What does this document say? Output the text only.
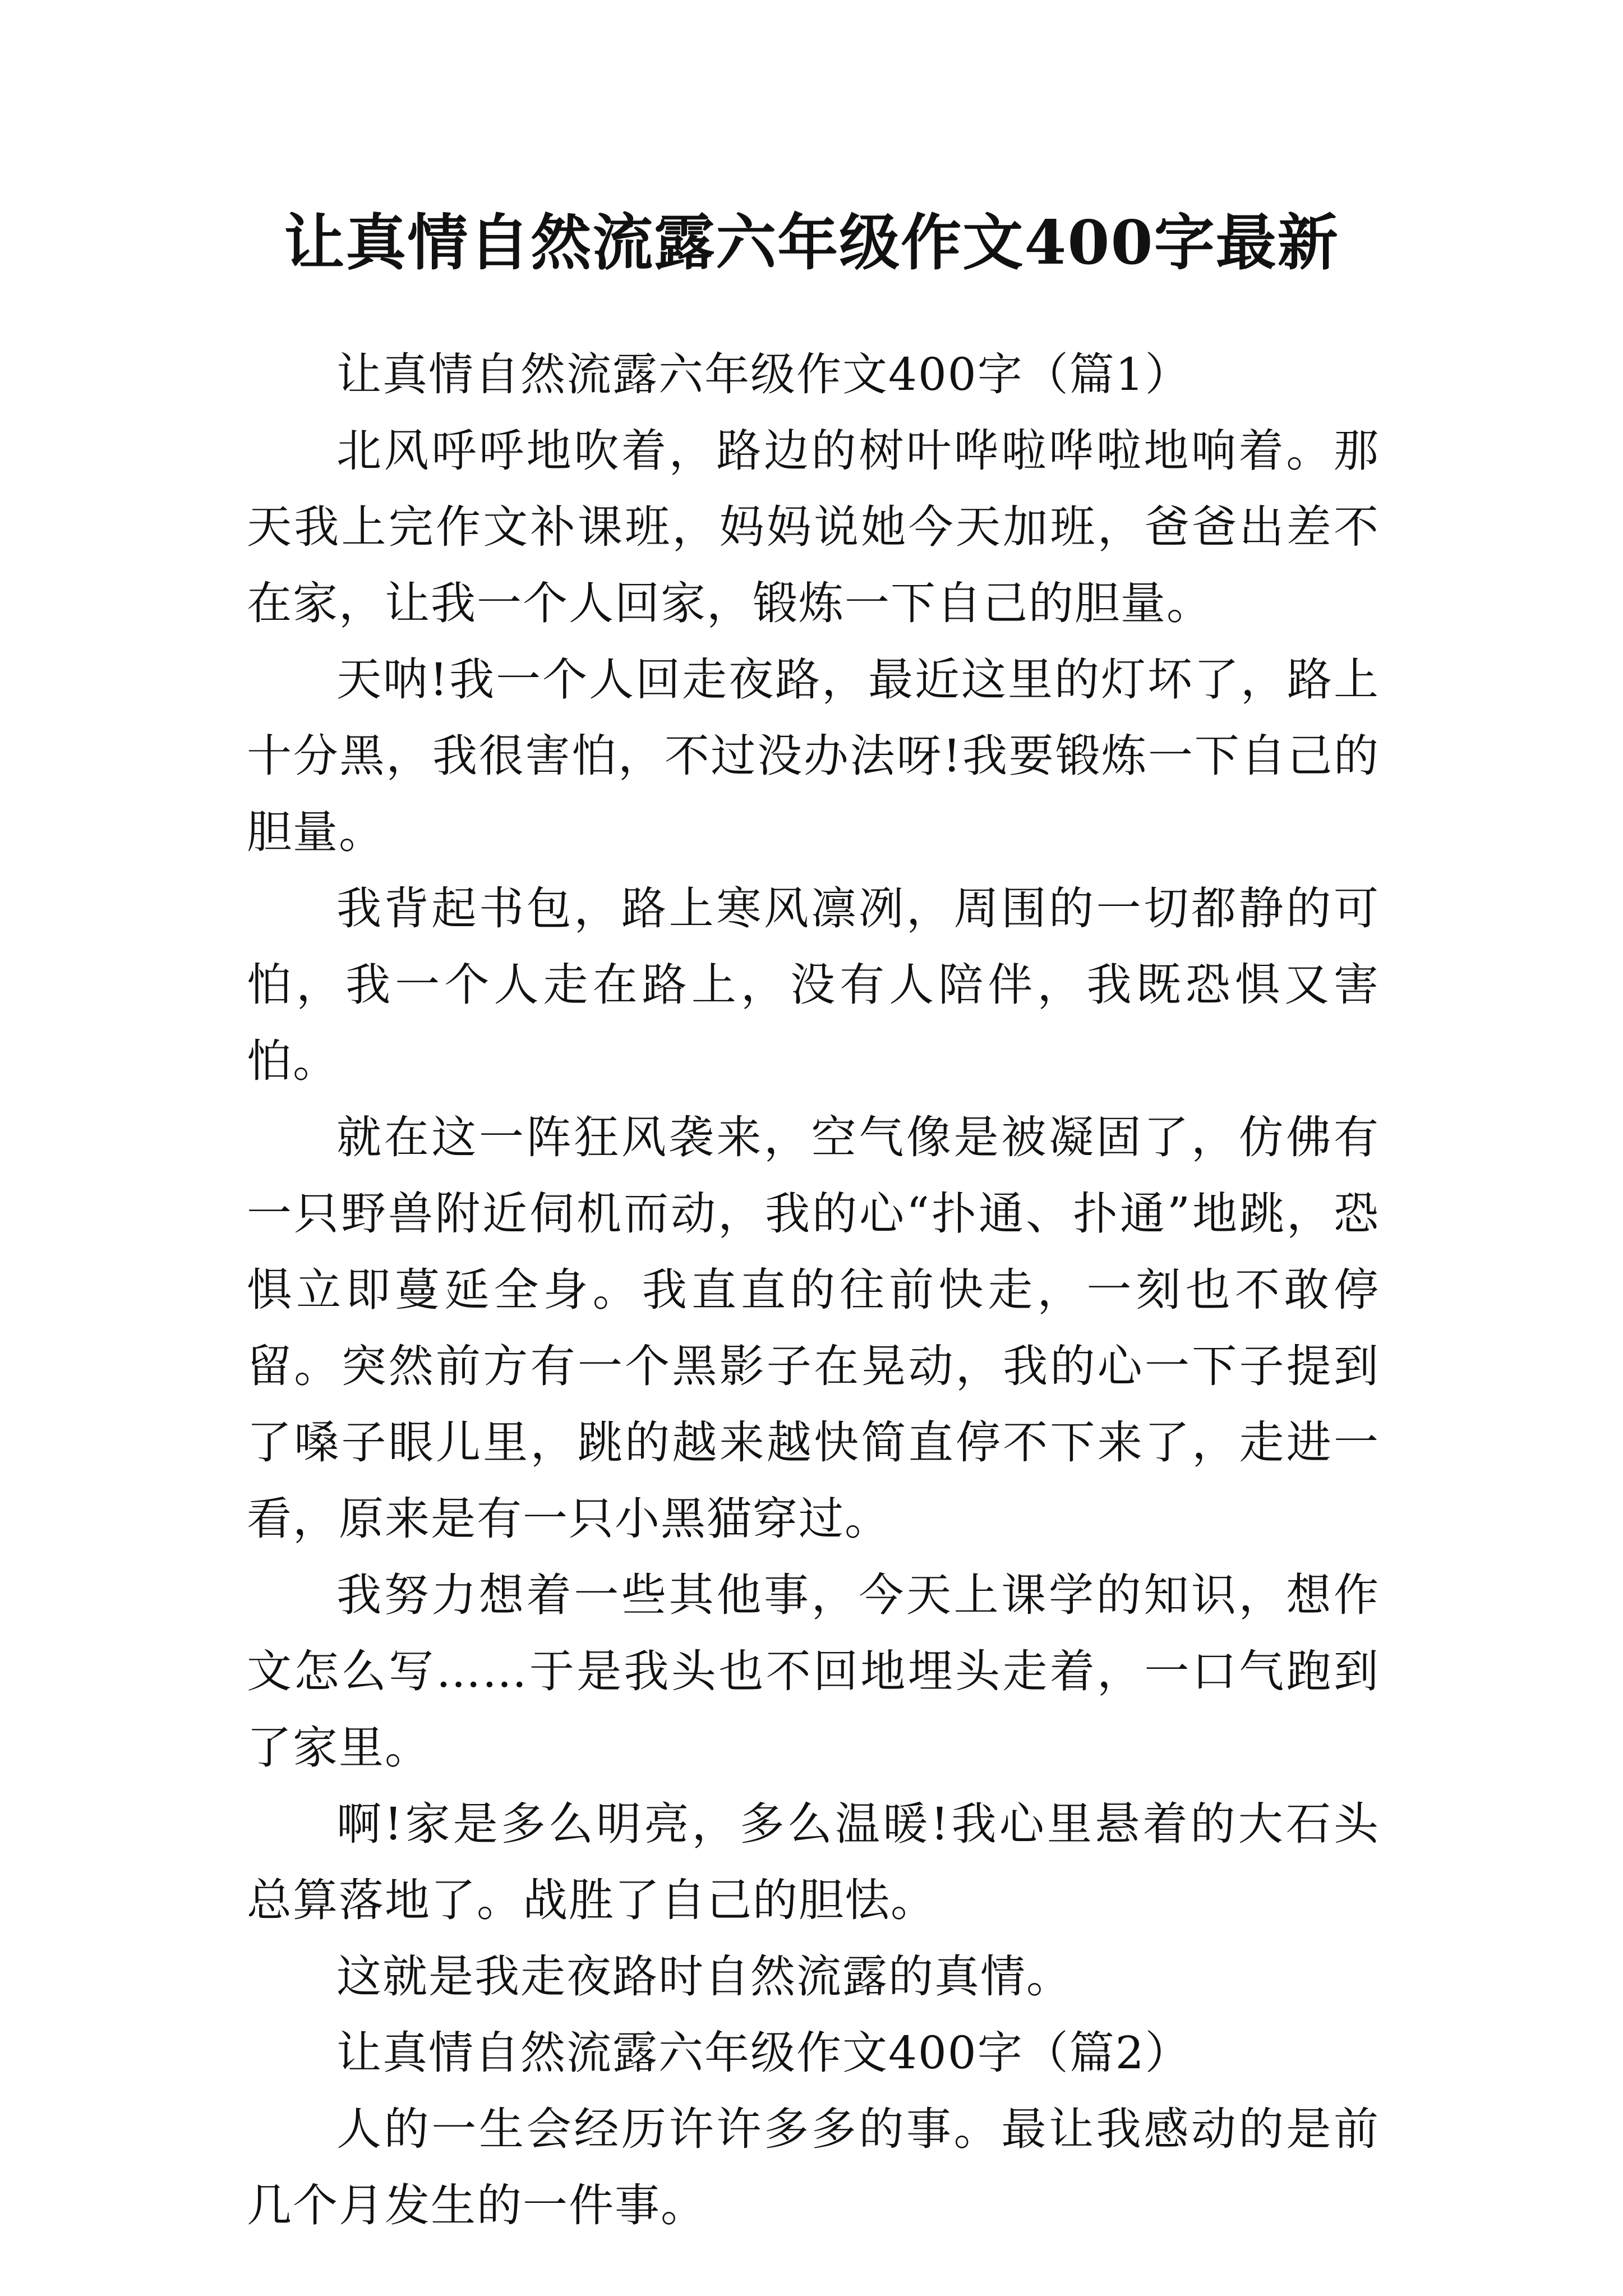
让真情自然流露六年级作文400字最新

让真情自然流露六年级作文400字（篇1）

北风呼呼地吹着，路边的树叶哗啦哗啦地响着。那天我上完作文补课班，妈妈说她今天加班，爸爸出差不在家，让我一个人回家，锻炼一下自己的胆量。

天呐!我一个人回走夜路，最近这里的灯坏了，路上十分黑，我很害怕，不过没办法呀!我要锻炼一下自己的胆量。

我背起书包，路上寒风凛冽，周围的一切都静的可怕，我一个人走在路上，没有人陪伴，我既恐惧又害怕。

就在这一阵狂风袭来，空气像是被凝固了，仿佛有一只野兽附近伺机而动，我的心“扑通、扑通”地跳，恐惧立即蔓延全身。我直直的往前快走，一刻也不敢停留。突然前方有一个黑影子在晃动，我的心一下子提到了嗓子眼儿里，跳的越来越快简直停不下来了，走进一看，原来是有一只小黑猫穿过。

我努力想着一些其他事，今天上课学的知识，想作文怎么写……于是我头也不回地埋头走着，一口气跑到了家里。

啊!家是多么明亮，多么温暖!我心里悬着的大石头总算落地了。战胜了自己的胆怯。

这就是我走夜路时自然流露的真情。

让真情自然流露六年级作文400字（篇2）

人的一生会经历许许多多的事。最让我感动的是前几个月发生的一件事。
